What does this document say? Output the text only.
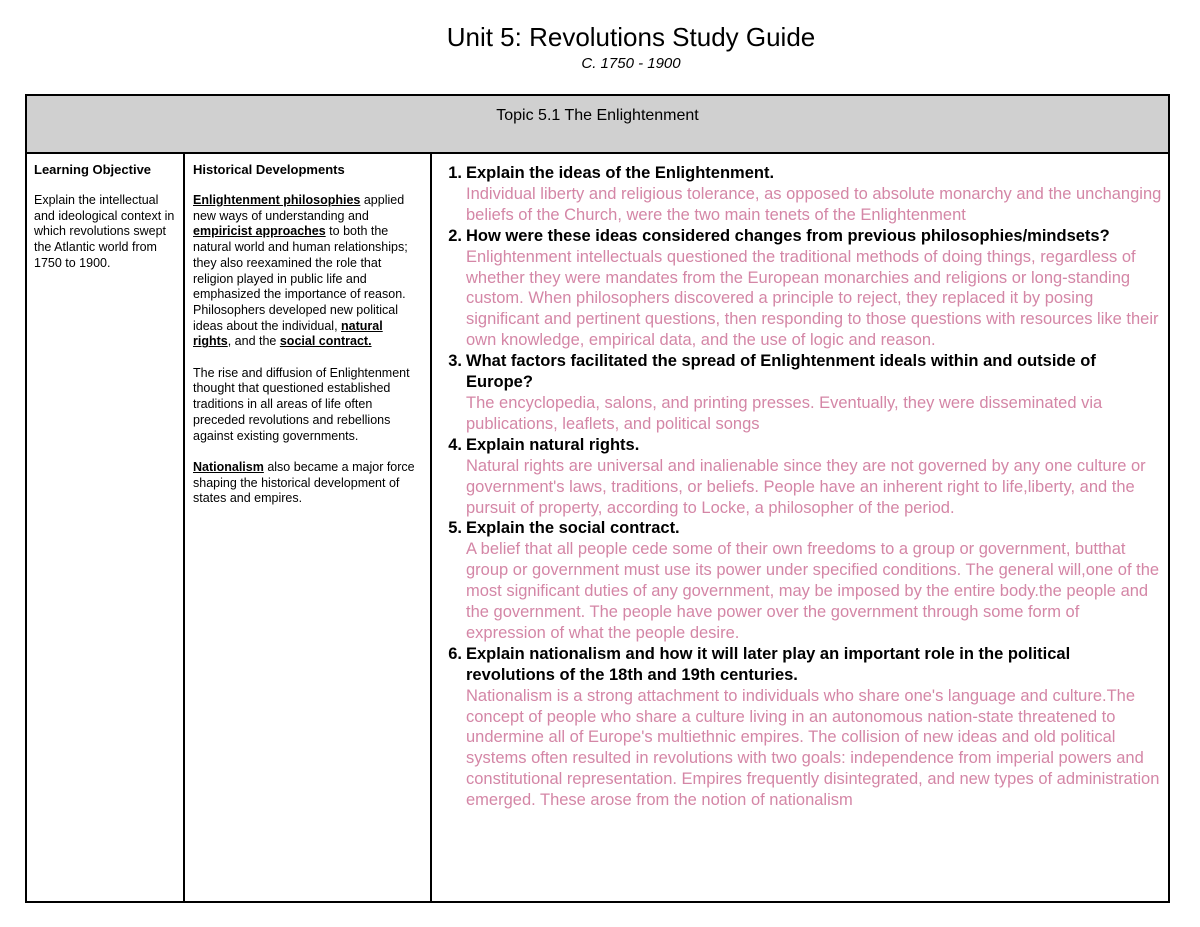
Unit 5: Revolutions Study Guide
C. 1750 - 1900
Topic 5.1 The Enlightenment
Learning Objective
Explain the intellectual and ideological context in which revolutions swept the Atlantic world from 1750 to 1900.
Historical Developments
Enlightenment philosophies applied new ways of understanding and empiricist approaches to both the natural world and human relationships; they also reexamined the role that religion played in public life and emphasized the importance of reason. Philosophers developed new political ideas about the individual, natural rights, and the social contract.
The rise and diffusion of Enlightenment thought that questioned established traditions in all areas of life often preceded revolutions and rebellions against existing governments.
Nationalism also became a major force shaping the historical development of states and empires.
1. Explain the ideas of the Enlightenment.
Individual liberty and religious tolerance, as opposed to absolute monarchy and the unchanging beliefs of the Church, were the two main tenets of the Enlightenment
2. How were these ideas considered changes from previous philosophies/mindsets?
Enlightenment intellectuals questioned the traditional methods of doing things, regardless of whether they were mandates from the European monarchies and religions or long-standing custom. When philosophers discovered a principle to reject, they replaced it by posing significant and pertinent questions, then responding to those questions with resources like their own knowledge, empirical data, and the use of logic and reason.
3. What factors facilitated the spread of Enlightenment ideals within and outside of Europe?
The encyclopedia, salons, and printing presses. Eventually, they were disseminated via publications, leaflets, and political songs
4. Explain natural rights.
Natural rights are universal and inalienable since they are not governed by any one culture or government's laws, traditions, or beliefs. People have an inherent right to life,liberty, and the pursuit of property, according to Locke, a philosopher of the period.
5. Explain the social contract.
A belief that all people cede some of their own freedoms to a group or government, butthat group or government must use its power under specified conditions. The general will,one of the most significant duties of any government, may be imposed by the entire body.the people and the government. The people have power over the government through some form of expression of what the people desire.
6. Explain nationalism and how it will later play an important role in the political revolutions of the 18th and 19th centuries.
Nationalism is a strong attachment to individuals who share one's language and culture.The concept of people who share a culture living in an autonomous nation-state threatened to undermine all of Europe's multiethnic empires. The collision of new ideas and old political systems often resulted in revolutions with two goals: independence from imperial powers and constitutional representation. Empires frequently disintegrated, and new types of administration emerged. These arose from the notion of nationalism
